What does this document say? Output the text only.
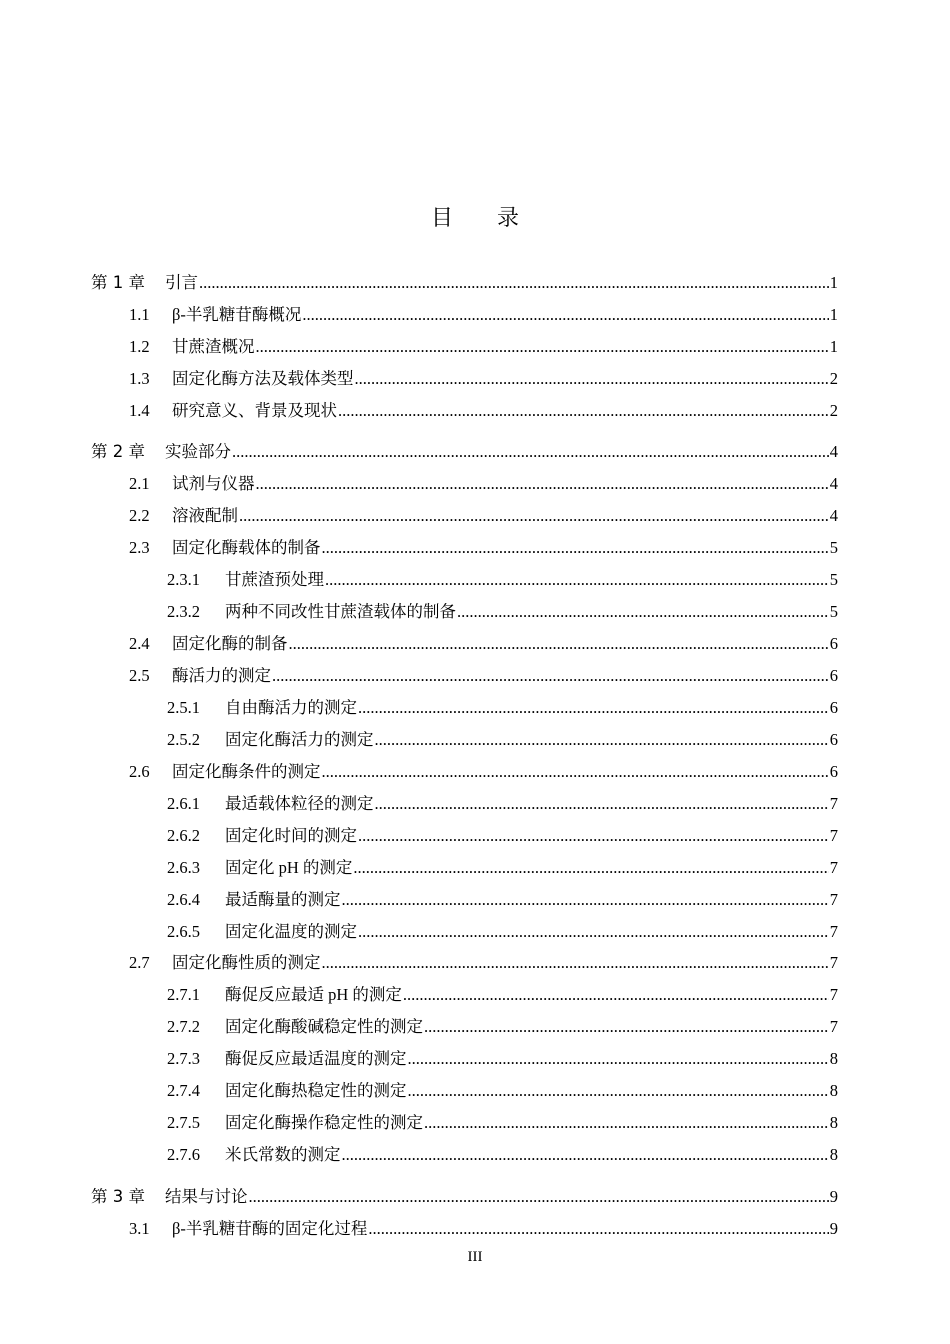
目 录
第 1 章	引言 .....	1
1.1	β-半乳糖苷酶概况 .....	1
1.2	甘蔗渣概况 .....	1
1.3	固定化酶方法及载体类型 .....	2
1.4	研究意义、背景及现状 .....	2
第 2 章	实验部分 .....	4
2.1	试剂与仪器 .....	4
2.2	溶液配制 .....	4
2.3	固定化酶载体的制备 .....	5
2.3.1	甘蔗渣预处理 .....	5
2.3.2	两种不同改性甘蔗渣载体的制备 .....	5
2.4	固定化酶的制备 .....	6
2.5	酶活力的测定 .....	6
2.5.1	自由酶活力的测定 .....	6
2.5.2	固定化酶活力的测定 .....	6
2.6	固定化酶条件的测定 .....	6
2.6.1	最适载体粒径的测定 .....	7
2.6.2	固定化时间的测定 .....	7
2.6.3	固定化 pH 的测定 .....	7
2.6.4	最适酶量的测定 .....	7
2.6.5	固定化温度的测定 .....	7
2.7	固定化酶性质的测定 .....	7
2.7.1	酶促反应最适 pH 的测定 .....	7
2.7.2	固定化酶酸碱稳定性的测定 .....	7
2.7.3	酶促反应最适温度的测定 .....	8
2.7.4	固定化酶热稳定性的测定 .....	8
2.7.5	固定化酶操作稳定性的测定 .....	8
2.7.6	米氏常数的测定 .....	8
第 3 章	结果与讨论 .....	9
3.1	β-半乳糖苷酶的固定化过程 .....	9
III
